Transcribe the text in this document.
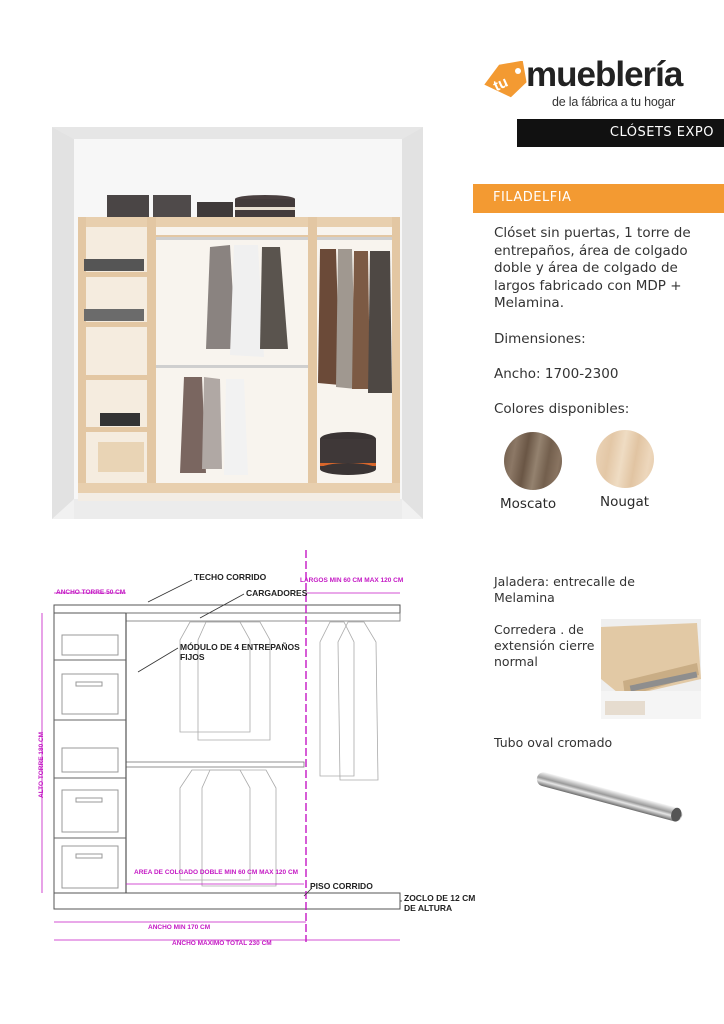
tu mueblería
de la fábrica a tu hogar
CLÓSETS EXPO
FILADELFIA
Clóset sin puertas, 1 torre de entrepaños, área de colgado doble y área de colgado de largos fabricado con MDP + Melamina.
Dimensiones:
Ancho: 1700-2300
Colores disponibles:
Moscato	Nougat
TECHO CORRIDO
CARGADORES
MÓDULO DE 4 ENTREPAÑOS
FIJOS
PISO CORRIDO
ZOCLO DE 12 CM
DE ALTURA
ANCHO TORRE 50 CM
LARGOS MIN 60 CM MAX 120 CM
ALTO TORRE 180 CM
AREA DE COLGADO DOBLE MIN 60 CM MAX 120 CM
ANCHO MIN 170 CM
ANCHO MAXIMO TOTAL 230 CM
Jaladera: entrecalle de Melamina
Corredera . de extensión cierre normal
Tubo oval cromado
